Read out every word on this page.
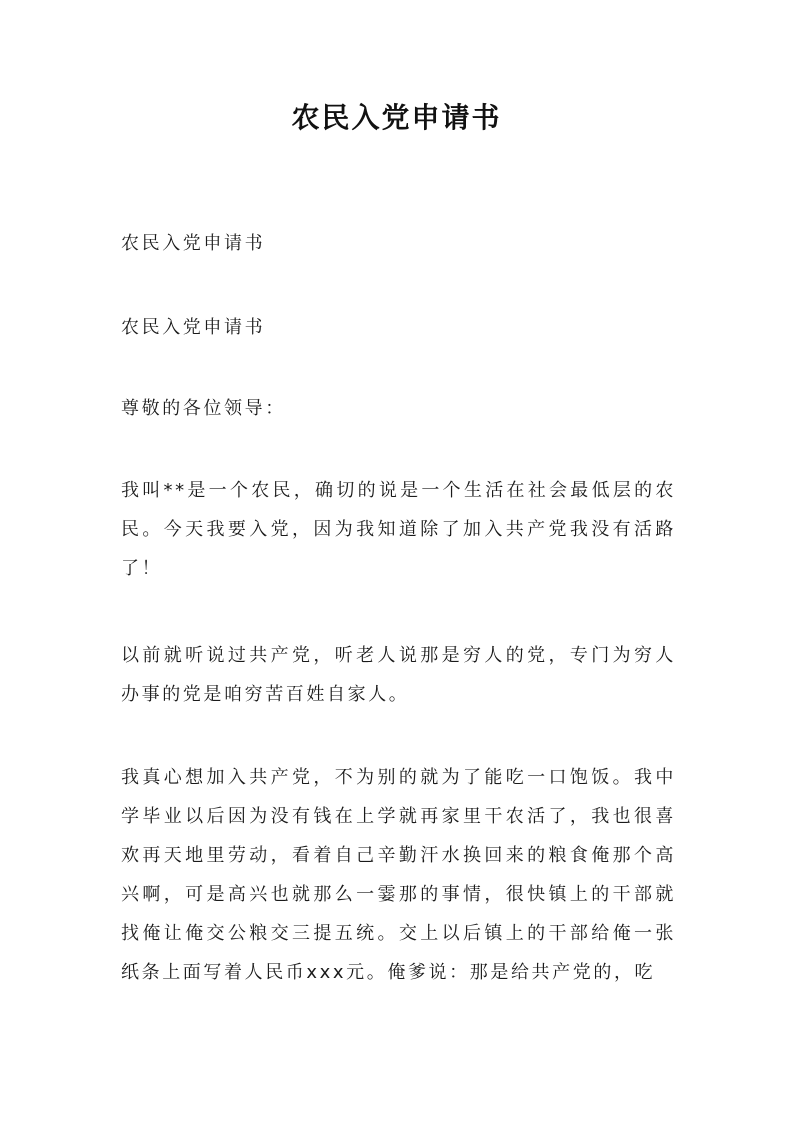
农民入党申请书

农民入党申请书

农民入党申请书

尊敬的各位领导：

我叫**是一个农民，确切的说是一个生活在社会最低层的农民。今天我要入党，因为我知道除了加入共产党我没有活路了！

以前就听说过共产党，听老人说那是穷人的党，专门为穷人办事的党是咱穷苦百姓自家人。

我真心想加入共产党，不为别的就为了能吃一口饱饭。我中学毕业以后因为没有钱在上学就再家里干农活了，我也很喜欢再天地里劳动，看着自己辛勤汗水换回来的粮食俺那个高兴啊，可是高兴也就那么一霎那的事情，很快镇上的干部就找俺让俺交公粮交三提五统。交上以后镇上的干部给俺一张纸条上面写着人民币xxx元。俺爹说：那是给共产党的，吃
